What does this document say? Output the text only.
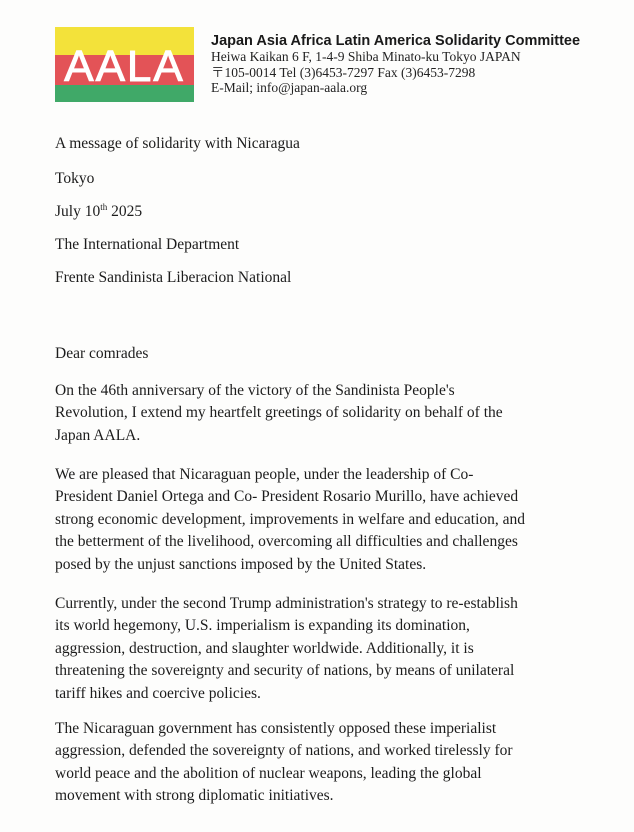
AALA
Japan Asia Africa Latin America Solidarity Committee
Heiwa Kaikan 6 F, 1-4-9 Shiba Minato-ku Tokyo JAPAN
〒105-0014 Tel (3)6453-7297 Fax (3)6453-7298
E-Mail; info@japan-aala.org
A message of solidarity with Nicaragua
Tokyo
July 10th 2025
The International Department
Frente Sandinista Liberacion National
Dear comrades
On the 46th anniversary of the victory of the Sandinista People's
Revolution, I extend my heartfelt greetings of solidarity on behalf of the
Japan AALA.
We are pleased that Nicaraguan people, under the leadership of Co-
President Daniel Ortega and Co- President Rosario Murillo, have achieved
strong economic development, improvements in welfare and education, and
the betterment of the livelihood, overcoming all difficulties and challenges
posed by the unjust sanctions imposed by the United States.
Currently, under the second Trump administration's strategy to re-establish
its world hegemony, U.S. imperialism is expanding its domination,
aggression, destruction, and slaughter worldwide. Additionally, it is
threatening the sovereignty and security of nations, by means of unilateral
tariff hikes and coercive policies.
The Nicaraguan government has consistently opposed these imperialist
aggression, defended the sovereignty of nations, and worked tirelessly for
world peace and the abolition of nuclear weapons, leading the global
movement with strong diplomatic initiatives.
